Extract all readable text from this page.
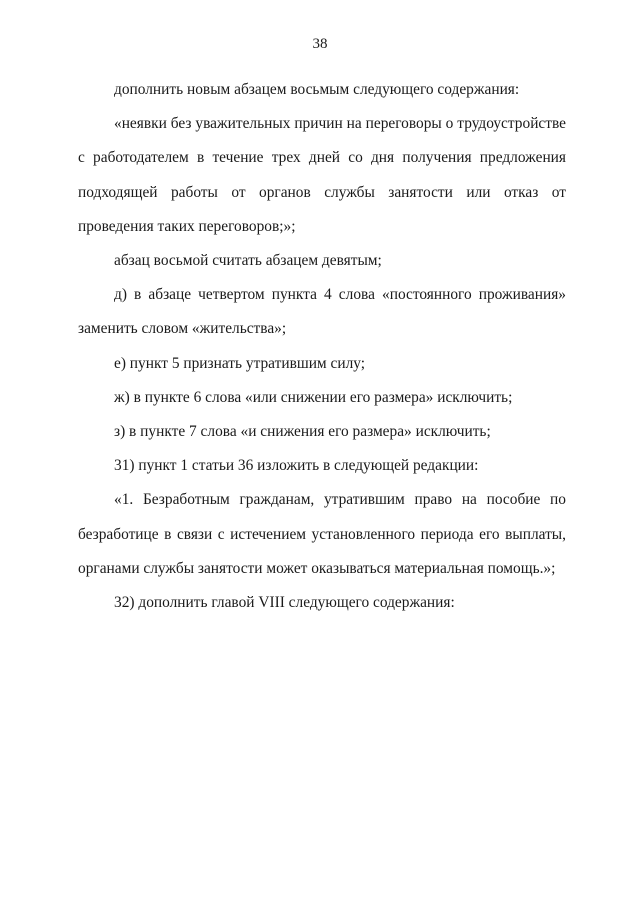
38

дополнить новым абзацем восьмым следующего содержания:

«неявки без уважительных причин на переговоры о трудоустройстве с работодателем в течение трех дней со дня получения предложения подходящей работы от органов службы занятости или отказ от проведения таких переговоров;»;

абзац восьмой считать абзацем девятым;

д) в абзаце четвертом пункта 4 слова «постоянного проживания» заменить словом «жительства»;

е) пункт 5 признать утратившим силу;

ж) в пункте 6 слова «или снижении его размера» исключить;

з) в пункте 7 слова «и снижения его размера» исключить;

31) пункт 1 статьи 36 изложить в следующей редакции:

«1. Безработным гражданам, утратившим право на пособие по безработице в связи с истечением установленного периода его выплаты, органами службы занятости может оказываться материальная помощь.»;

32) дополнить главой VIII следующего содержания:
